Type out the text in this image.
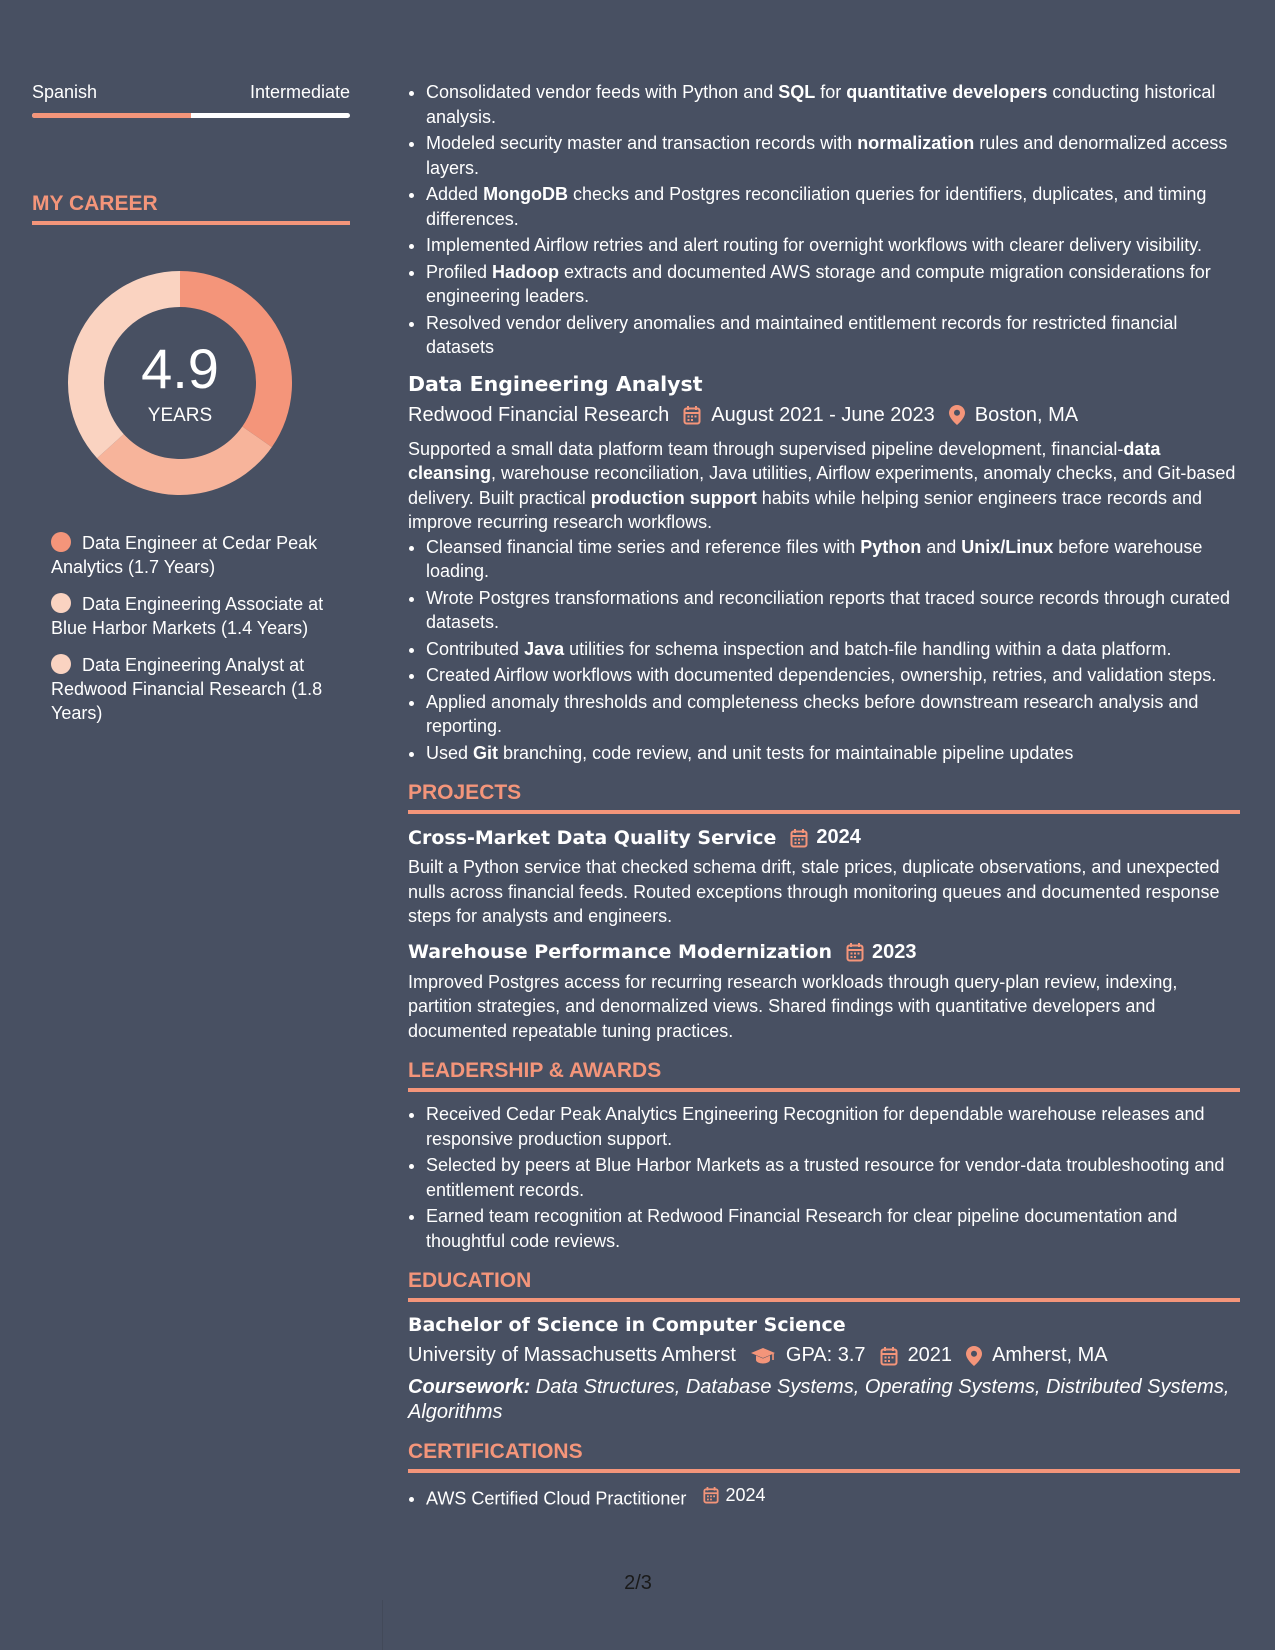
Spanish	Intermediate
MY CAREER
4.9
YEARS
Data Engineer at Cedar Peak Analytics (1.7 Years)
Data Engineering Associate at Blue Harbor Markets (1.4 Years)
Data Engineering Analyst at Redwood Financial Research (1.8 Years)
• Consolidated vendor feeds with Python and SQL for quantitative developers conducting historical analysis.
• Modeled security master and transaction records with normalization rules and denormalized access layers.
• Added MongoDB checks and Postgres reconciliation queries for identifiers, duplicates, and timing differences.
• Implemented Airflow retries and alert routing for overnight workflows with clearer delivery visibility.
• Profiled Hadoop extracts and documented AWS storage and compute migration considerations for engineering leaders.
• Resolved vendor delivery anomalies and maintained entitlement records for restricted financial datasets
Data Engineering Analyst
Redwood Financial Research August 2021 - June 2023 Boston, MA

Supported a small data platform team through supervised pipeline development, financial-data cleansing, warehouse reconciliation, Java utilities, Airflow experiments, anomaly checks, and Git-based delivery. Built practical production support habits while helping senior engineers trace records and improve recurring research workflows.

• Cleansed financial time series and reference files with Python and Unix/Linux before warehouse loading.
• Wrote Postgres transformations and reconciliation reports that traced source records through curated datasets.
• Contributed Java utilities for schema inspection and batch-file handling within a data platform.
• Created Airflow workflows with documented dependencies, ownership, retries, and validation steps.
• Applied anomaly thresholds and completeness checks before downstream research analysis and reporting.
• Used Git branching, code review, and unit tests for maintainable pipeline updates
PROJECTS
Cross-Market Data Quality Service 2024
Built a Python service that checked schema drift, stale prices, duplicate observations, and unexpected nulls across financial feeds. Routed exceptions through monitoring queues and documented response steps for analysts and engineers.
Warehouse Performance Modernization 2023
Improved Postgres access for recurring research workloads through query-plan review, indexing, partition strategies, and denormalized views. Shared findings with quantitative developers and documented repeatable tuning practices.
LEADERSHIP & AWARDS
• Received Cedar Peak Analytics Engineering Recognition for dependable warehouse releases and responsive production support.
• Selected by peers at Blue Harbor Markets as a trusted resource for vendor-data troubleshooting and entitlement records.
• Earned team recognition at Redwood Financial Research for clear pipeline documentation and thoughtful code reviews.
EDUCATION
Bachelor of Science in Computer Science
University of Massachusetts Amherst	GPA: 3.7 2021 Amherst, MA
Coursework: Data Structures, Database Systems, Operating Systems, Distributed Systems, Algorithms
CERTIFICATIONS
• AWS Certified Cloud Practitioner 2024
2/3
